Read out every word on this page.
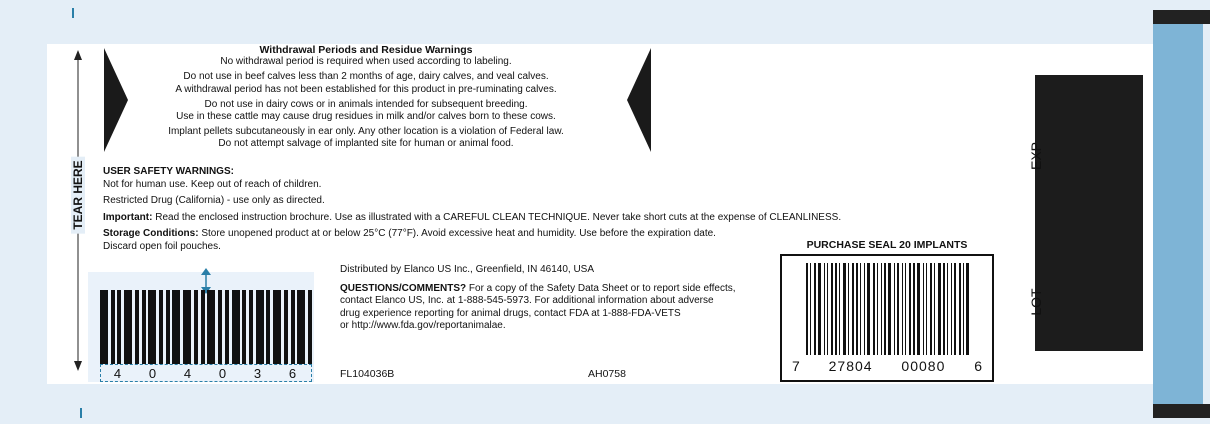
TEAR HERE
Withdrawal Periods and Residue Warnings
No withdrawal period is required when used according to labeling.
Do not use in beef calves less than 2 months of age, dairy calves, and veal calves.
A withdrawal period has not been established for this product in pre-ruminating calves.
Do not use in dairy cows or in animals intended for subsequent breeding.
Use in these cattle may cause drug residues in milk and/or calves born to these cows.
Implant pellets subcutaneously in ear only. Any other location is a violation of Federal law.
Do not attempt salvage of implanted site for human or animal food.

USER SAFETY WARNINGS:

Not for human use. Keep out of reach of children.

Restricted Drug (California) - use only as directed.

Important: Read the enclosed instruction brochure. Use as illustrated with a CAREFUL CLEAN TECHNIQUE. Never take short cuts at the expense of CLEANLINESS.

Storage Conditions: Store unopened product at or below 25°C (77°F). Avoid excessive heat and humidity. Use before the expiration date.

Discard open foil pouches.

4 0 4 0 3 6

Distributed by Elanco US Inc., Greenfield, IN 46140, USA

QUESTIONS/COMMENTS? For a copy of the Safety Data Sheet or to report side effects,

contact Elanco US, Inc. at 1-888-545-5973. For additional information about adverse

drug experience reporting for animal drugs, contact FDA at 1-888-FDA-VETS

or http://www.fda.gov/reportanimalae.

FL104036B	AH0758
PURCHASE SEAL 20 IMPLANTS
7 27804 00080 6
EXP
LOT
